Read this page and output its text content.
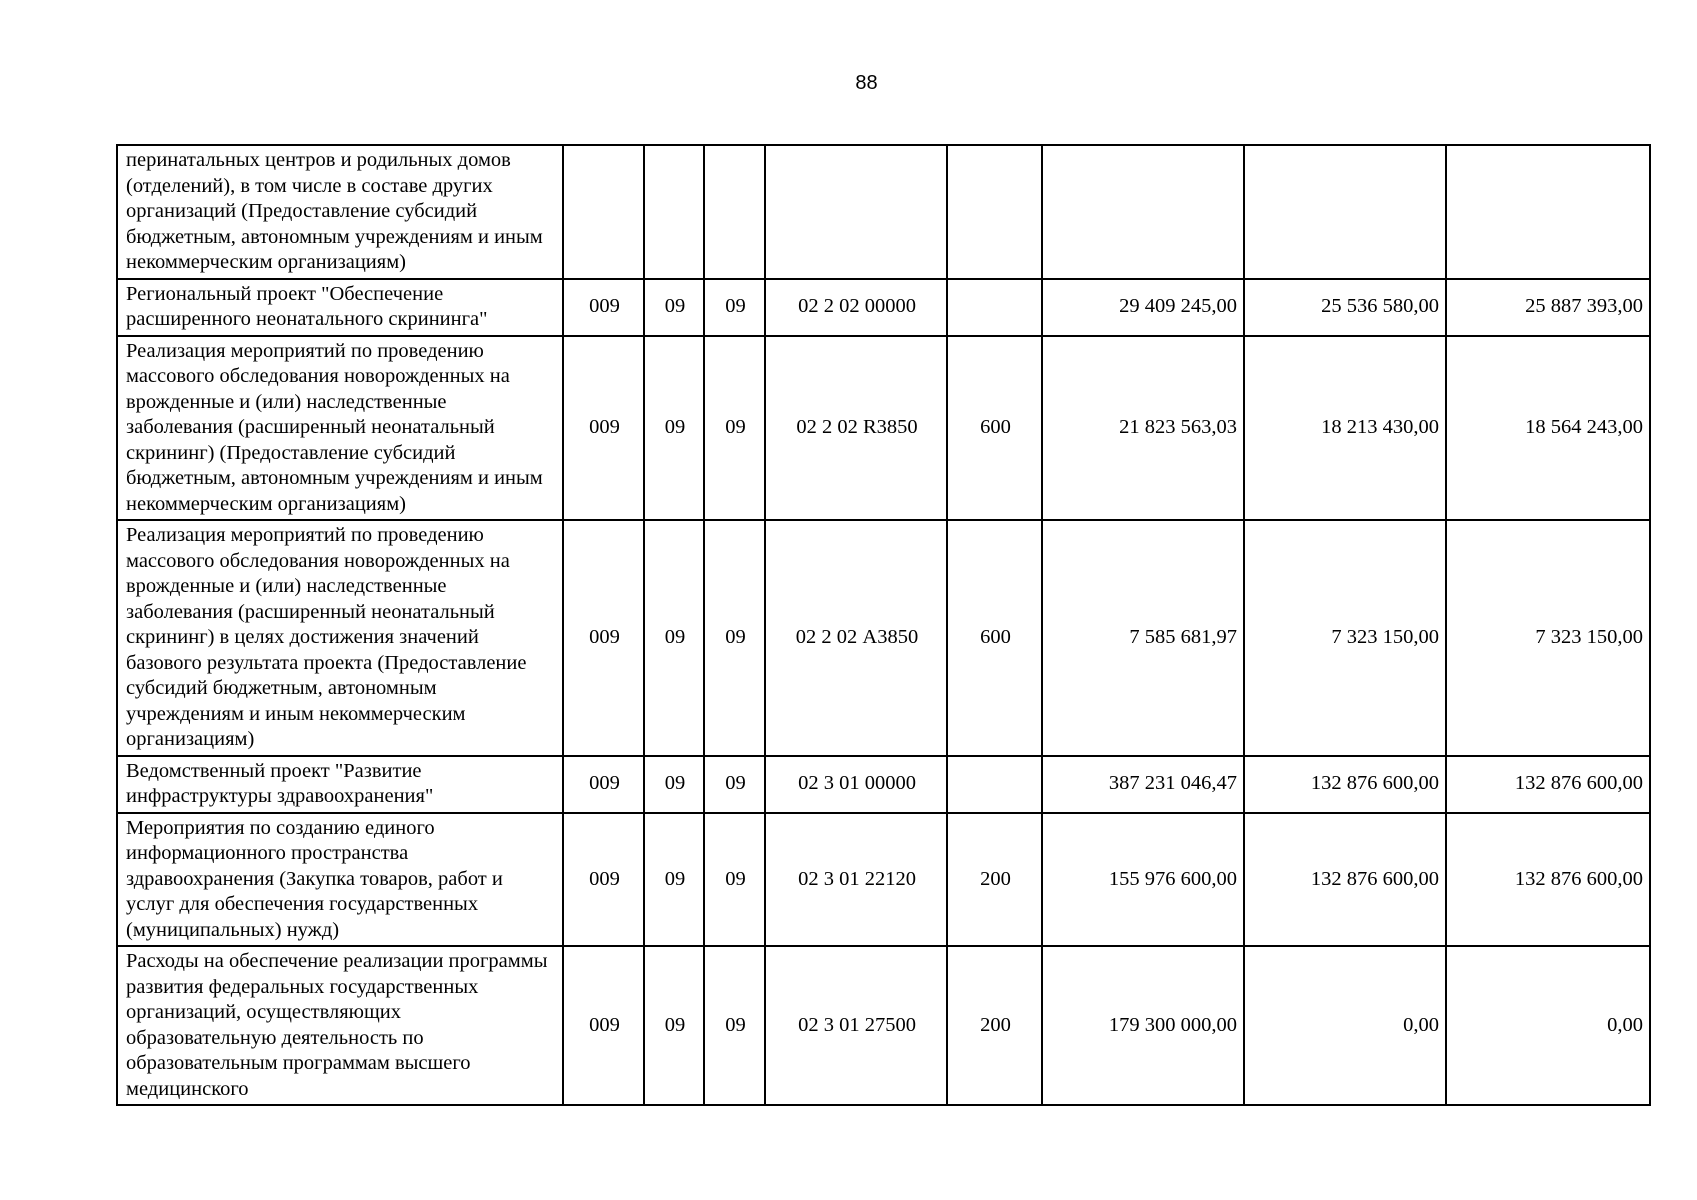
88
перинатальных центров и родильных домов (отделений), в том числе в составе других организаций (Предоставление субсидий бюджетным, автономным учреждениям и иным некоммерческим организациям)								
Региональный проект "Обеспечение расширенного неонатального скрининга"	009	09	09	02 2 02 00000		29 409 245,00	25 536 580,00	25 887 393,00
Реализация мероприятий по проведению массового обследования новорожденных на врожденные и (или) наследственные заболевания (расширенный неонатальный скрининг) (Предоставление субсидий бюджетным, автономным учреждениям и иным некоммерческим организациям)	009	09	09	02 2 02 R3850	600	21 823 563,03	18 213 430,00	18 564 243,00
Реализация мероприятий по проведению массового обследования новорожденных на врожденные и (или) наследственные заболевания (расширенный неонатальный скрининг) в целях достижения значений базового результата проекта (Предоставление субсидий бюджетным, автономным учреждениям и иным некоммерческим организациям)	009	09	09	02 2 02 А3850	600	7 585 681,97	7 323 150,00	7 323 150,00
Ведомственный проект "Развитие инфраструктуры здравоохранения"	009	09	09	02 3 01 00000		387 231 046,47	132 876 600,00	132 876 600,00
Мероприятия по созданию единого информационного пространства здравоохранения (Закупка товаров, работ и услуг для обеспечения государственных (муниципальных) нужд)	009	09	09	02 3 01 22120	200	155 976 600,00	132 876 600,00	132 876 600,00
Расходы на обеспечение реализации программы развития федеральных государственных организаций, осуществляющих образовательную деятельность по образовательным программам высшего медицинского	009	09	09	02 3 01 27500	200	179 300 000,00	0,00	0,00
